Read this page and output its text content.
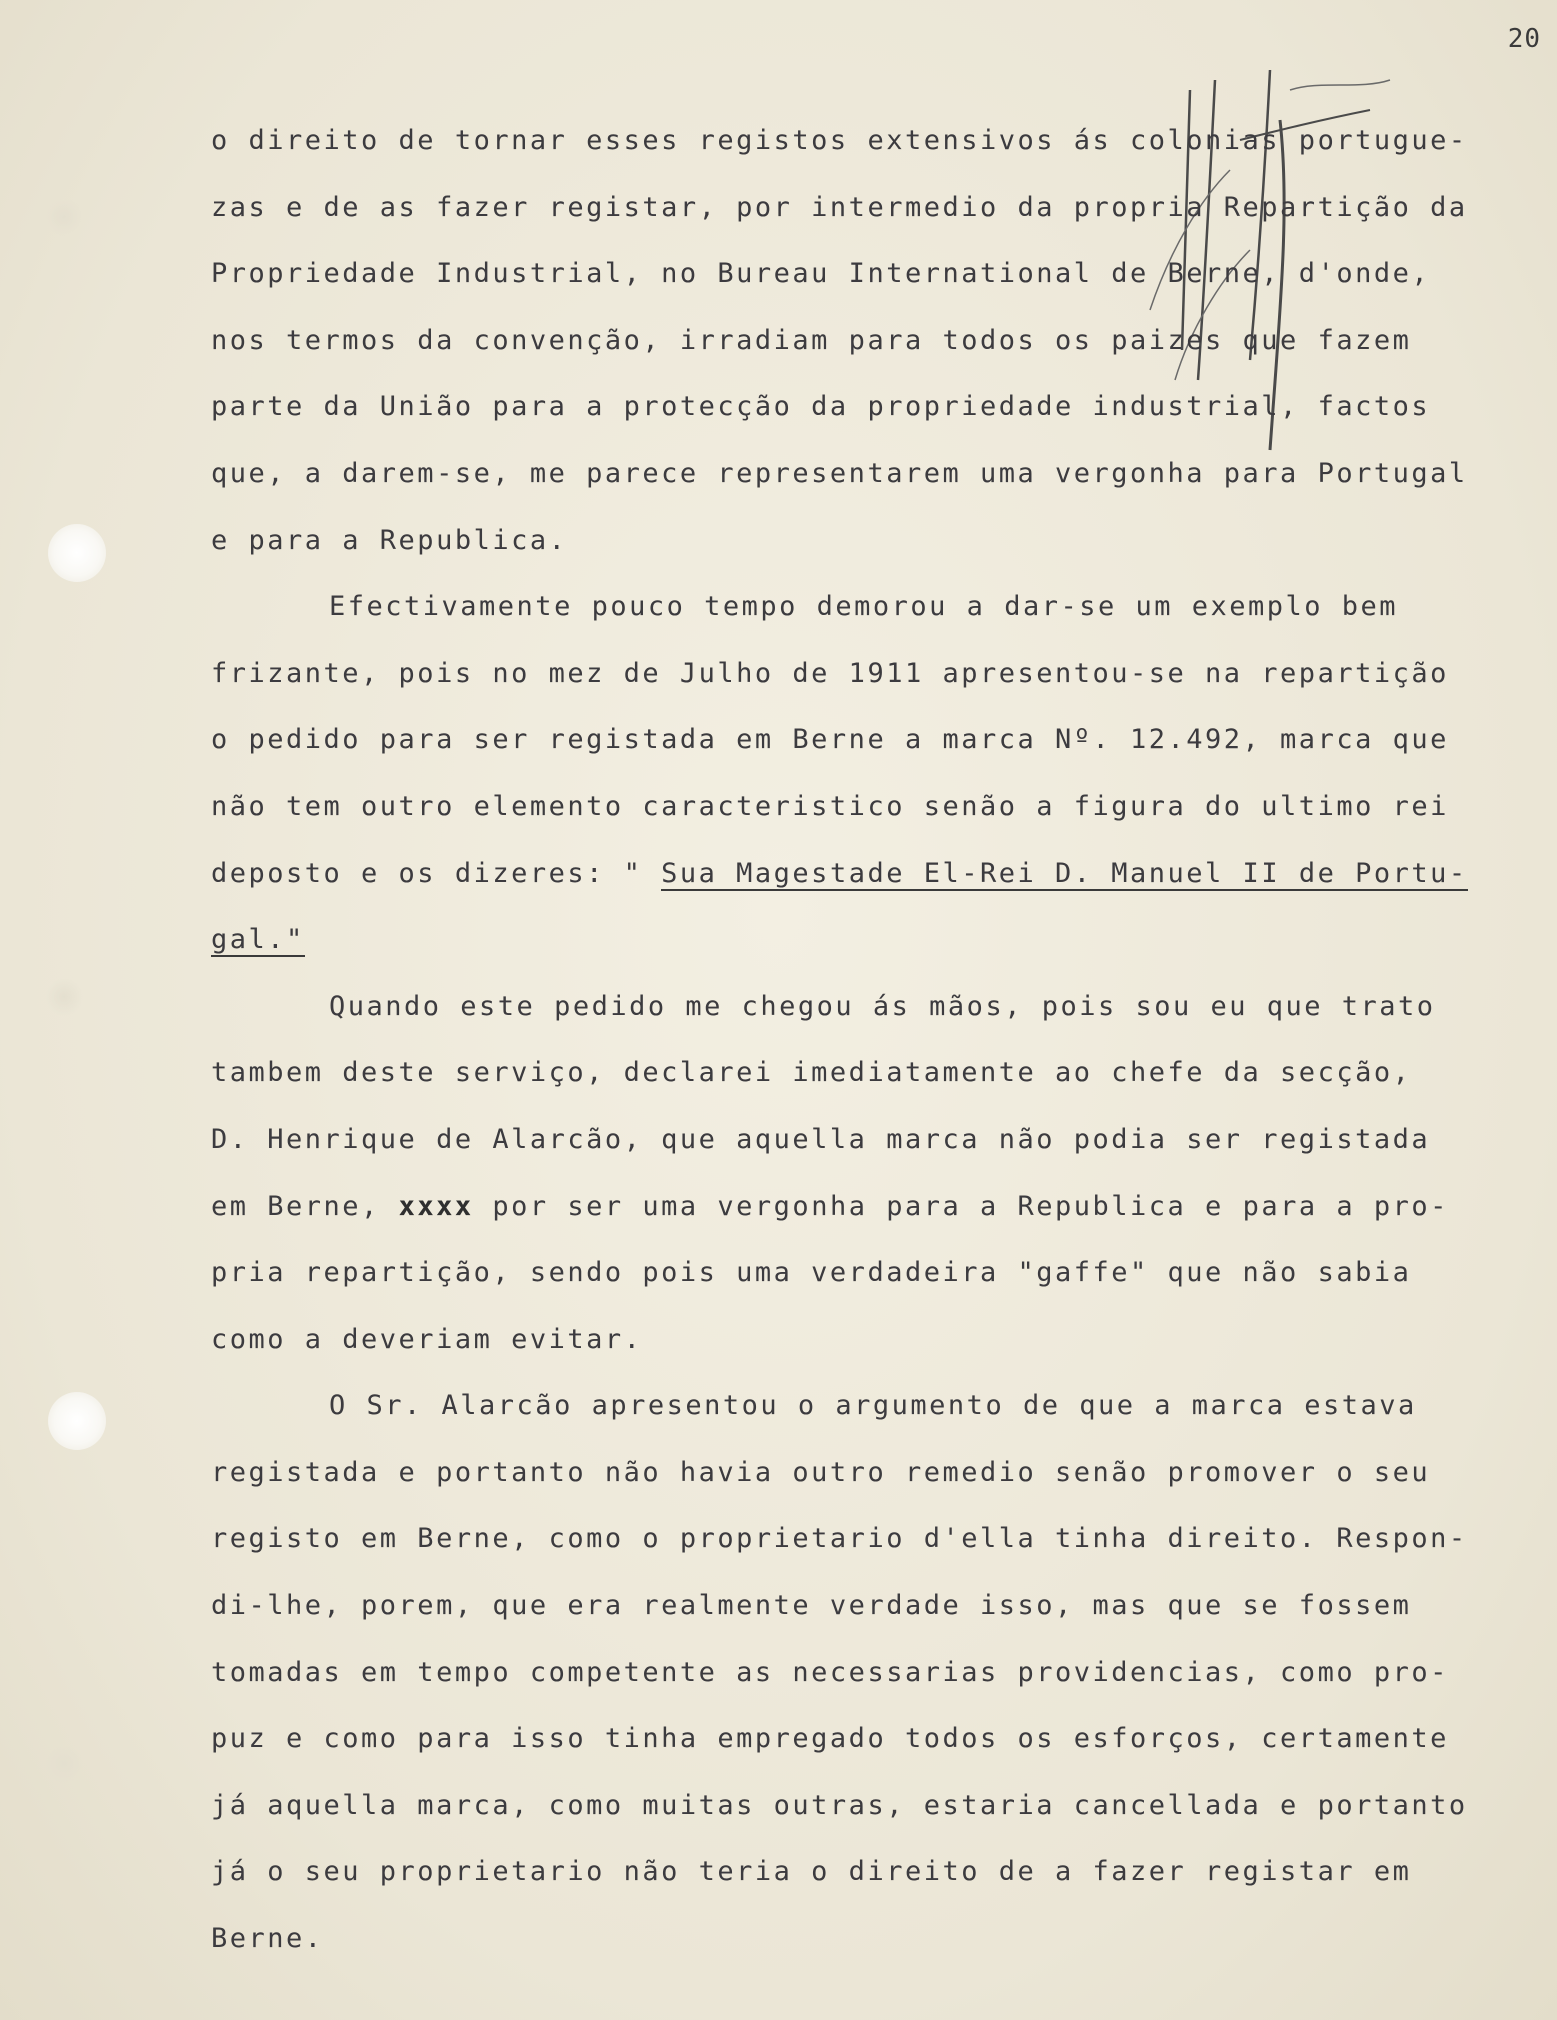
20
o direito de tornar esses registos extensivos ás colonias portugue-
zas e de as fazer registar, por intermedio da propria Repartição da
Propriedade Industrial, no Bureau International de Berne, d'onde,
nos termos da convenção, irradiam para todos os paizes que fazem
parte da União para a protecção da propriedade industrial, factos
que, a darem-se, me parece representarem uma vergonha para Portugal
e para a Republica.
Efectivamente pouco tempo demorou a dar-se um exemplo bem
frizante, pois no mez de Julho de 1911 apresentou-se na repartição
o pedido para ser registada em Berne a marca Nº. 12.492, marca que
não tem outro elemento caracteristico senão a figura do ultimo rei
deposto e os dizeres: " Sua Magestade El-Rei D. Manuel II de Portu-
gal."
Quando este pedido me chegou ás mãos, pois sou eu que trato
tambem deste serviço, declarei imediatamente ao chefe da secção,
D. Henrique de Alarcão, que aquella marca não podia ser registada
em Berne, xxxx por ser uma vergonha para a Republica e para a pro-
pria repartição, sendo pois uma verdadeira "gaffe" que não sabia
como a deveriam evitar.
O Sr. Alarcão apresentou o argumento de que a marca estava
registada e portanto não havia outro remedio senão promover o seu
registo em Berne, como o proprietario d'ella tinha direito. Respon-
di-lhe, porem, que era realmente verdade isso, mas que se fossem
tomadas em tempo competente as necessarias providencias, como pro-
puz e como para isso tinha empregado todos os esforços, certamente
já aquella marca, como muitas outras, estaria cancellada e portanto
já o seu proprietario não teria o direito de a fazer registar em
Berne.
